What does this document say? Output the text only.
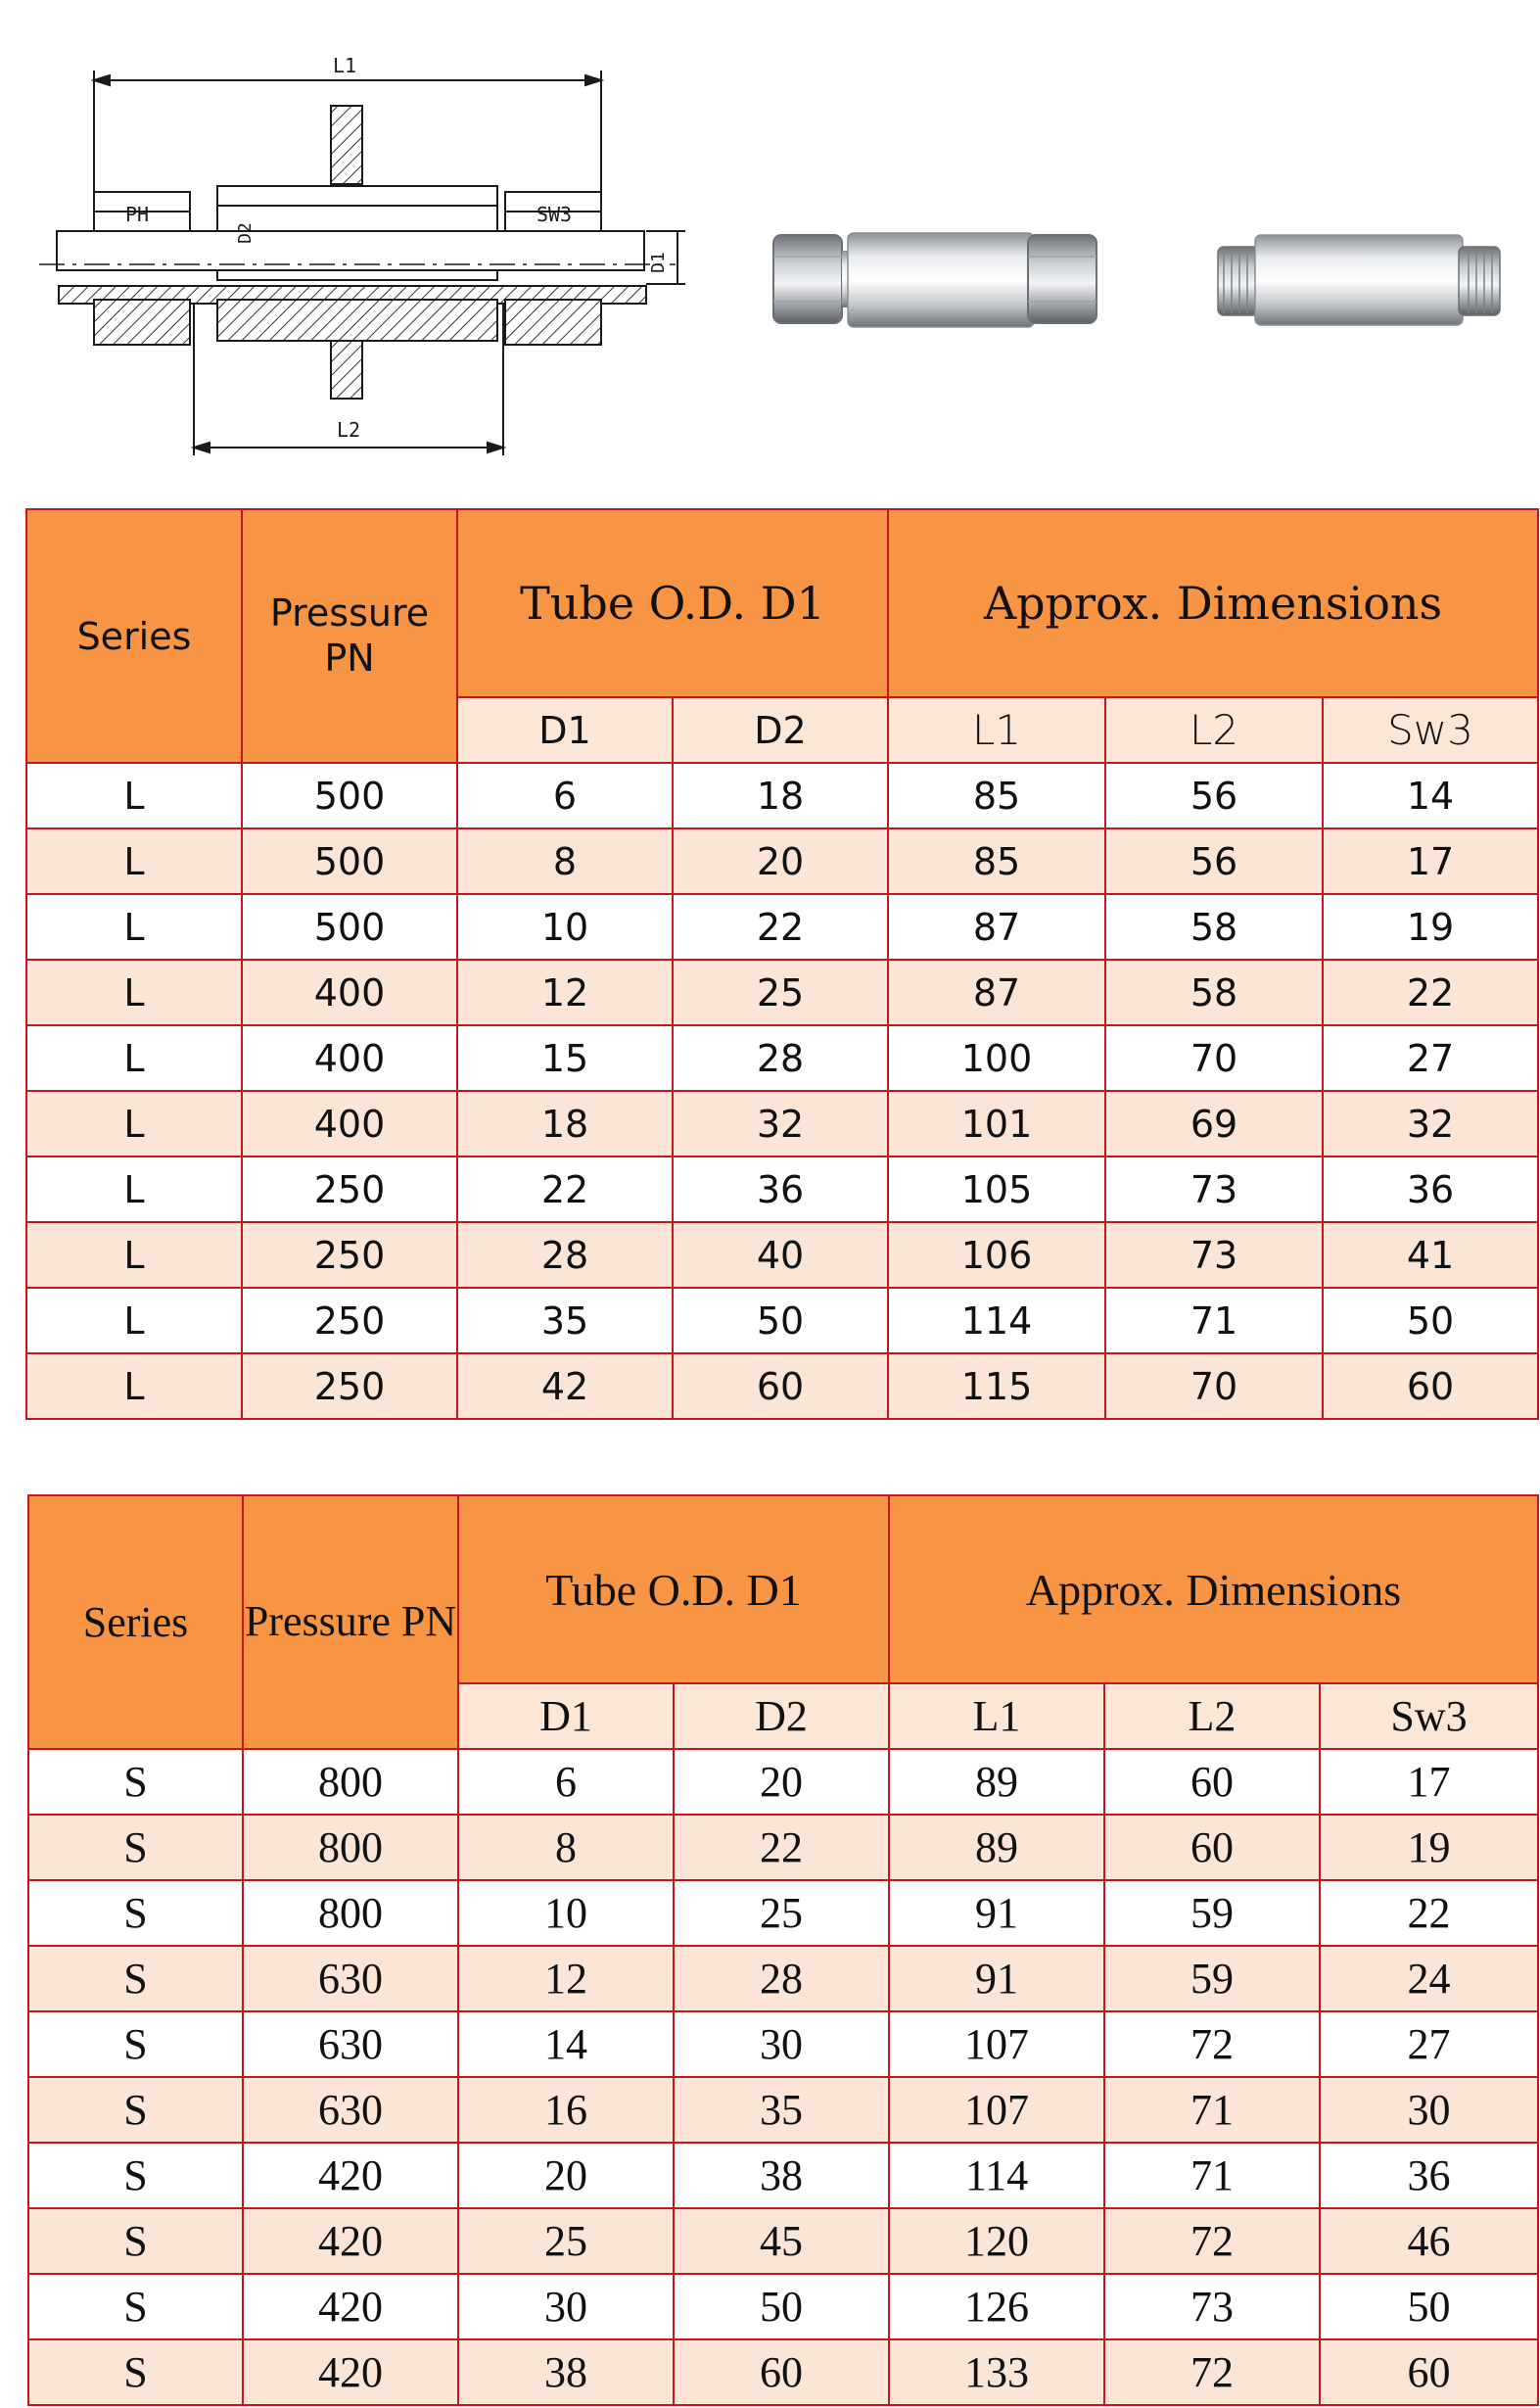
L1
L2
PH	SW3
D1
D2
Series	Pressure PN	Tube O.D. D1		Approx. Dimensions		
		D1	D2	L1	L2	Sw3
L	500	6	18	85	56	14
L	500	8	20	85	56	17
L	500	10	22	87	58	19
L	400	12	25	87	58	22
L	400	15	28	100	70	27
L	400	18	32	101	69	32
L	250	22	36	105	73	36
L	250	28	40	106	73	41
L	250	35	50	114	71	50
L	250	42	60	115	70	60
Series	Pressure PN	Tube O.D. D1		Approx. Dimensions		
		D1	D2	L1	L2	Sw3
S	800	6	20	89	60	17
S	800	8	22	89	60	19
S	800	10	25	91	59	22
S	630	12	28	91	59	24
S	630	14	30	107	72	27
S	630	16	35	107	71	30
S	420	20	38	114	71	36
S	420	25	45	120	72	46
S	420	30	50	126	73	50
S	420	38	60	133	72	60
